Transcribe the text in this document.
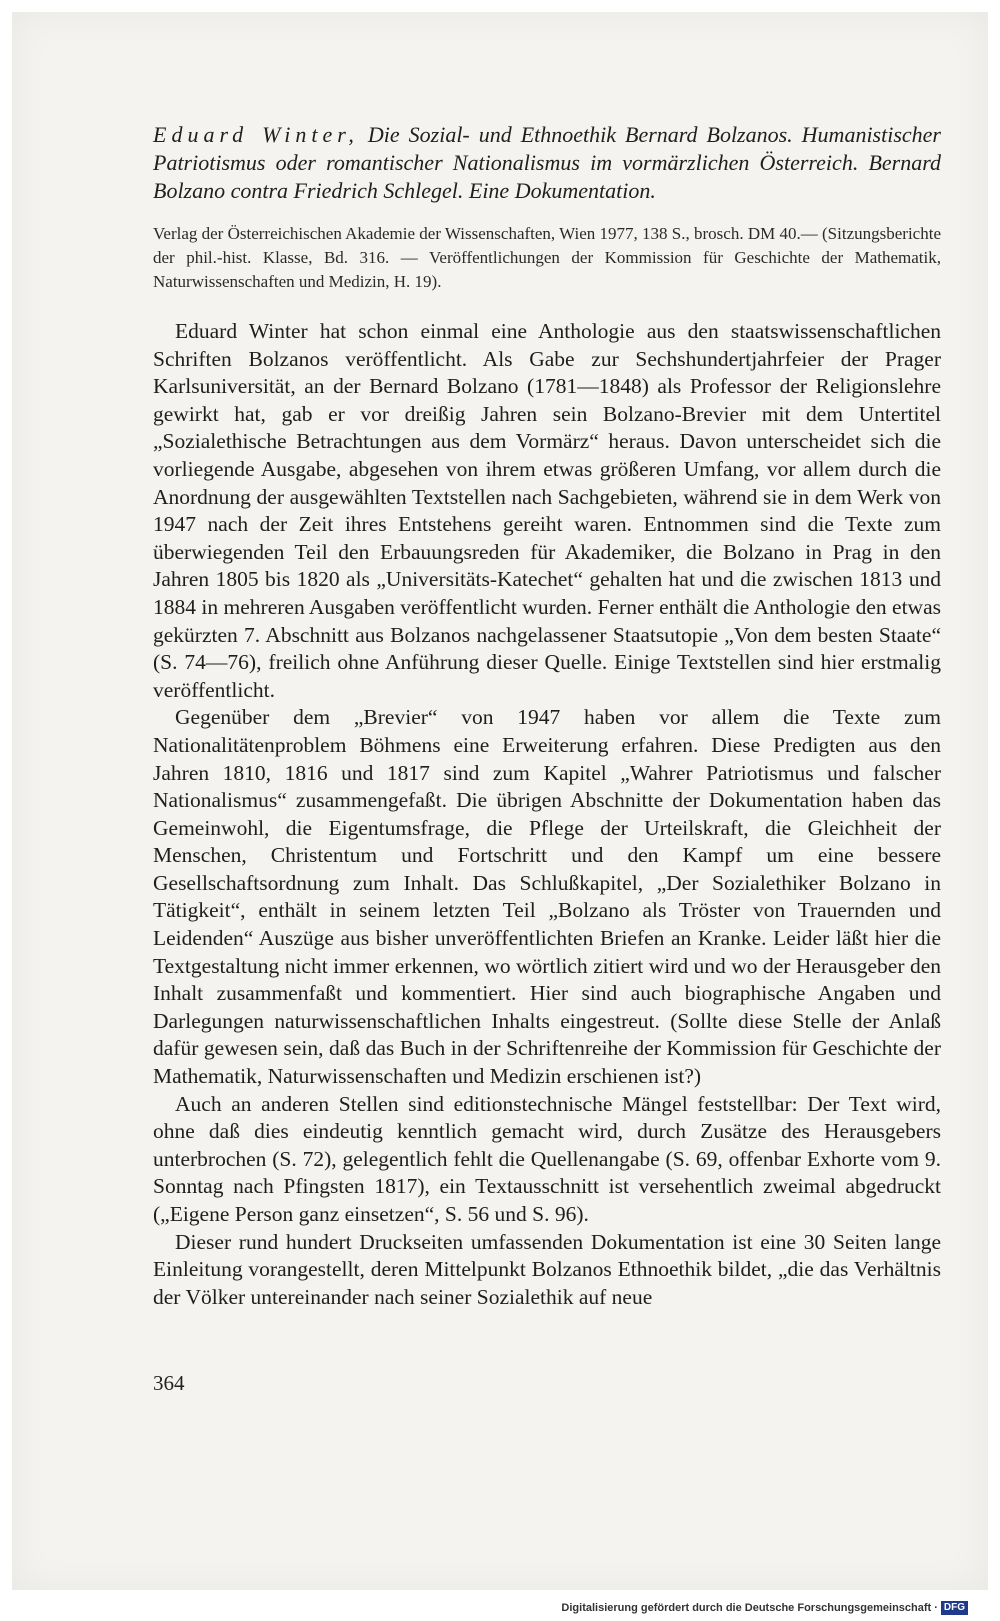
Eduard Winter, Die Sozial- und Ethnoethik Bernard Bolzanos. Humanistischer Patriotismus oder romantischer Nationalismus im vormärzlichen Österreich. Bernard Bolzano contra Friedrich Schlegel. Eine Dokumentation.

Verlag der Österreichischen Akademie der Wissenschaften, Wien 1977, 138 S., brosch. DM 40.— (Sitzungsberichte der phil.-hist. Klasse, Bd. 316. — Veröffentlichungen der Kommission für Geschichte der Mathematik, Naturwissenschaften und Medizin, H. 19).

Eduard Winter hat schon einmal eine Anthologie aus den staatswissenschaftlichen Schriften Bolzanos veröffentlicht. Als Gabe zur Sechshundertjahrfeier der Prager Karlsuniversität, an der Bernard Bolzano (1781—1848) als Professor der Religionslehre gewirkt hat, gab er vor dreißig Jahren sein Bolzano-Brevier mit dem Untertitel „Sozialethische Betrachtungen aus dem Vormärz“ heraus. Davon unterscheidet sich die vorliegende Ausgabe, abgesehen von ihrem etwas größeren Umfang, vor allem durch die Anordnung der ausgewählten Textstellen nach Sachgebieten, während sie in dem Werk von 1947 nach der Zeit ihres Entstehens gereiht waren. Entnommen sind die Texte zum überwiegenden Teil den Erbauungsreden für Akademiker, die Bolzano in Prag in den Jahren 1805 bis 1820 als „Universitäts-Katechet“ gehalten hat und die zwischen 1813 und 1884 in mehreren Ausgaben veröffentlicht wurden. Ferner enthält die Anthologie den etwas gekürzten 7. Abschnitt aus Bolzanos nachgelassener Staatsutopie „Von dem besten Staate“ (S. 74—76), freilich ohne Anführung dieser Quelle. Einige Textstellen sind hier erstmalig veröffentlicht.

Gegenüber dem „Brevier“ von 1947 haben vor allem die Texte zum Nationalitätenproblem Böhmens eine Erweiterung erfahren. Diese Predigten aus den Jahren 1810, 1816 und 1817 sind zum Kapitel „Wahrer Patriotismus und falscher Nationalismus“ zusammengefaßt. Die übrigen Abschnitte der Dokumentation haben das Gemeinwohl, die Eigentumsfrage, die Pflege der Urteilskraft, die Gleichheit der Menschen, Christentum und Fortschritt und den Kampf um eine bessere Gesellschaftsordnung zum Inhalt. Das Schlußkapitel, „Der Sozialethiker Bolzano in Tätigkeit“, enthält in seinem letzten Teil „Bolzano als Tröster von Trauernden und Leidenden“ Auszüge aus bisher unveröffentlichten Briefen an Kranke. Leider läßt hier die Textgestaltung nicht immer erkennen, wo wörtlich zitiert wird und wo der Herausgeber den Inhalt zusammenfaßt und kommentiert. Hier sind auch biographische Angaben und Darlegungen naturwissenschaftlichen Inhalts eingestreut. (Sollte diese Stelle der Anlaß dafür gewesen sein, daß das Buch in der Schriftenreihe der Kommission für Geschichte der Mathematik, Naturwissenschaften und Medizin erschienen ist?)

Auch an anderen Stellen sind editionstechnische Mängel feststellbar: Der Text wird, ohne daß dies eindeutig kenntlich gemacht wird, durch Zusätze des Herausgebers unterbrochen (S. 72), gelegentlich fehlt die Quellenangabe (S. 69, offenbar Exhorte vom 9. Sonntag nach Pfingsten 1817), ein Textausschnitt ist versehentlich zweimal abgedruckt („Eigene Person ganz einsetzen“, S. 56 und S. 96).

Dieser rund hundert Druckseiten umfassenden Dokumentation ist eine 30 Seiten lange Einleitung vorangestellt, deren Mittelpunkt Bolzanos Ethnoethik bildet, „die das Verhältnis der Völker untereinander nach seiner Sozialethik auf neue

364
Digitalisierung gefördert durch die Deutsche Forschungsgemeinschaft · DFG
